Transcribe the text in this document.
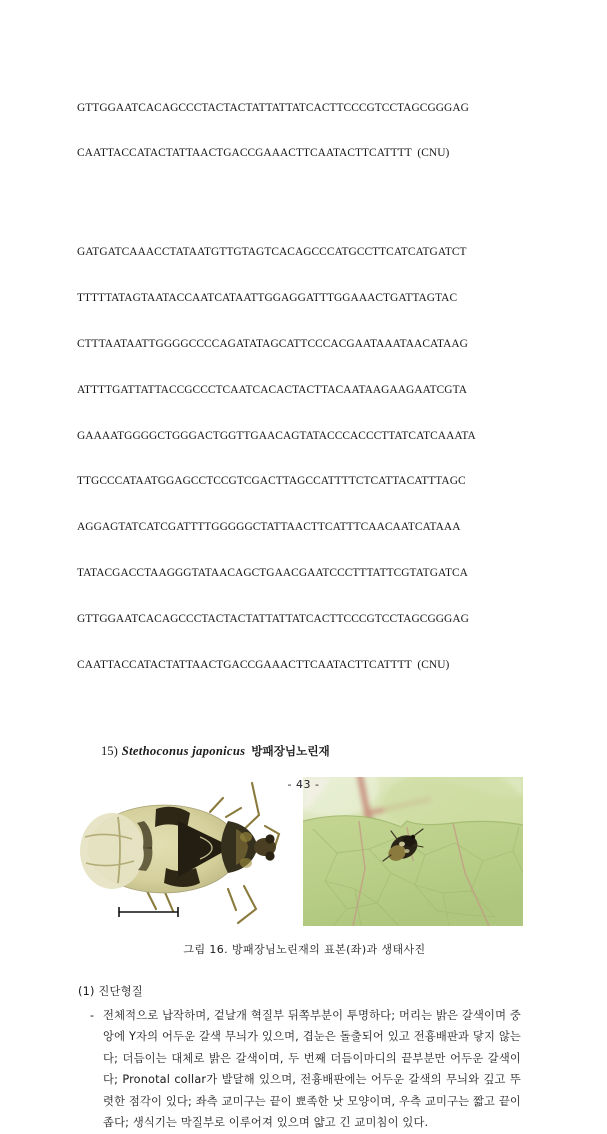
GTTGGAATCACAGCCCTACTACTATTATTATCACTTCCCGTCCTAGCGGGAG

CAATTACCATACTATTAACTGACCGAAACTTCAATACTTCATTTT  (CNU)

GATGATCAAACCTATAATGTTGTAGTCACAGCCCATGCCTTCATCATGATCT

TTTTTATAGTAATACCAATCATAATTGGAGGATTTGGAAACTGATTAGTAC

CTTTAATAATTGGGGCCCCAGATATAGCATTCCCACGAATAAATAACATAAG

ATTTTGATTATTACCGCCCTCAATCACACTACTTACAATAAGAAGAATCGTA

GAAAATGGGGCTGGGACTGGTTGAACAGTATACCCACCCTTATCATCAAATA

TTGCCCATAATGGAGCCTCCGTCGACTTAGCCATTTTCTCATTACATTTAGC

AGGAGTATCATCGATTTTGGGGGCTATTAACTTCATTTCAACAATCATAAA

TATACGACCTAAGGGTATAACAGCTGAACGAATCCCTTTATTCGTATGATCA

GTTGGAATCACAGCCCTACTACTATTATTATCACTTCCCGTCCTAGCGGGAG

CAATTACCATACTATTAACTGACCGAAACTTCAATACTTCATTTT  (CNU)

15) Stethoconus japonicus 방패장님노린재
그림 16. 방패장님노린재의 표본(좌)과 생태사진
(1) 진단형질
- 전체적으로 납작하며, 겉날개 혁질부 뒤쪽부분이 투명하다; 머리는 밝은 갈색이며 중앙에 Y자의 어두운 갈색 무늬가 있으며, 겹눈은 돌출되어 있고 전흉배판과 닿지 않는다; 더듬이는 대체로 밝은 갈색이며, 두 번째 더듬이마디의 끝부분만 어두운 갈색이다; Pronotal collar가 발달해 있으며, 전흉배판에는 어두운 갈색의 무늬와 깊고 뚜렷한 점각이 있다; 좌측 교미구는 끝이 뾰족한 낫 모양이며, 우측 교미구는 짧고 끝이 좁다; 생식기는 막질부로 이루어져 있으며 얇고 긴 교미침이 있다.
- 43 -
